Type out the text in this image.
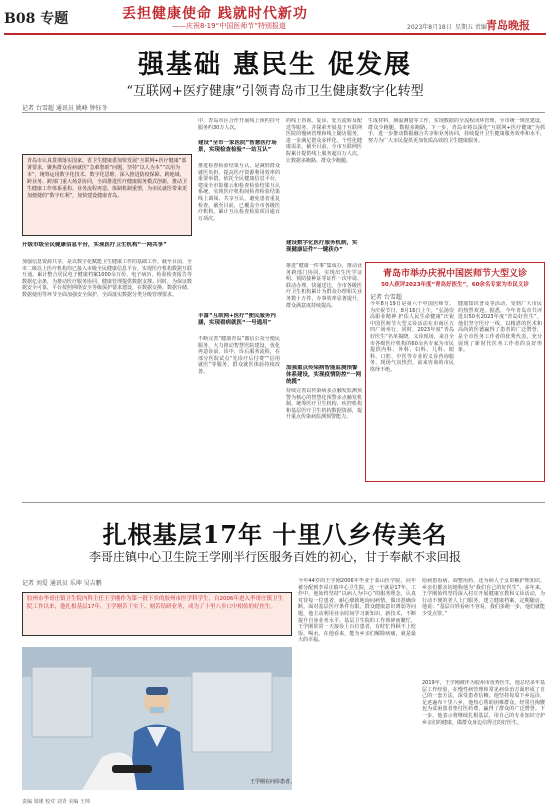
B08 专题	丢担健康使命 践就时代新功
——庆祝8·19“中国医师节”特别报道	2023年8月18日 星期五 责编 青岛晚报
强基础 惠民生 促发展
“互联网+医疗健康”引领青岛市卫生健康数字化转型
记者 台雪超 通讯员 姚峰 钟钰冬
青岛市认真贯彻落实国家、省卫生健康委加快发展“互联网+医疗健康”部署要求，聚焦群众看病就医“急难愁盼”问题，坚持“以人为本”“以用为本”，统筹运用数字化技术、数字化思维，深入推进防疫保障、跨地域、跨业务、跨部门重大场景协同，全面推进医疗健康服务模式创新，推动卫生健康工作体系重构、业务流程再造、体制机制重塑，为市民就医带来更加便捷的“数字红利”，加快建设健康青岛。
升级市级全民健康信息平台，实现医疗卫生机构“一网共享”
加强信息资源共享，是以数字化赋能卫生健康工作的基础工作。截至目前，全市二级以上医疗机构均已接入市级全民健康信息平台，实现医疗机构数据互联互通。累计整合居民电子健康档案1000余万份、电子病历、检验检查报告等数据亿余条，为推动医疗服务协同、健康管理提供数据支撑。同时，为保证数据安全可靠，平台按照网络安全等级保护要求建设，在数据交换、数据存储、数据使用等环节全面加强安全保护，全面落实数据分类分级管理要求。
中、青岛市区合作开展线上预约挂号服务约30万人次。
建设“全市一家医院”智慧医疗场景，实现检查检验“一站互认”
推进检查检验结果互认，是减轻群众就医负担、提高医疗资源利用效率的重要举措。依托全民健康信息平台，建成全市影像云和检查检验结果互认系统，实现医疗机构间检查检验结果线上调阅、共享互认，避免患者重复检查。截至目前，已覆盖全市各级医疗机构，累计互认检查检验项目逾百万项次。
丰富“互联网+医疗”便民服务内涵，实现看病就医“一号通用”
不断完善“健康青岛”微信公众号便民服务，大力推动智慧医院建设，优化再造诊前、诊中、诊后服务流程，在部分医院试点“先诊疗后付费”“信用就医”等服务，群众就医体验持续改善。
的线上咨询、复诊、处方流转及配送等服务，并探索开展基于互联网医院的慢病管理和线上随访服务，进一步满足群众多样化、个性化健康需求，截至目前，全市互联网医院累计提供线上服务超百万人次，让数据多跑路、群众少跑腿。
建设数字化医疗服务机制，实现健康证件“一键获办”
推进“健康一件事”集成办，推动业务跨部门协同，实现出生医学证明、预防接种证等证件一次申请、联动办理、快递送达，全市各级医疗卫生机构累计为群众办理相关业务数十万件，办事效率显著提升，群众满意度持续提高。
加强重点传染病智能监测预警体系建设，实现疫情防控“一网统揽”
持续完善以传染病多点触发监测预警为核心的智慧化预警多点触发机制，统筹医疗卫生机构、疾控机构和基层医疗卫生机构数据资源，提升重点传染病监测预警能力。
生成材料，测温测量等工作，实现数据的全流程闭环管理，全市统一规范建设，群众少跑腿，数据多跑路。下一步，青岛市将以深化“互联网+医疗健康”为抓手，进一步推动数据融合共享和业务协同，持续提升卫生健康服务效率和水平，努力为广大市民提供更加优质高效的卫生健康服务。
青岛市举办庆祝中国医师节大型义诊
50人获评2023年度“青岛好医生”，60余名专家为市民义诊
记者 台雪超
今年8月19日是第六个中国医师节。为庆祝节日，8月16日上午，“弘扬崇高职业精神 护佑人民生命健康”庆祝中国医师节大型义诊活动在市南区五四广场举行，同时，2023年度“青岛好医生”名单揭晓。义诊现场，来自全市各级医疗机构的60余名专家为市民提供内科、外科、妇科、儿科、眼科、口腔、中医等专业的义诊咨询服务，现场气氛热烈，前来咨询的市民络绎不绝。
健康知识普及等活动，受到广大市民的热烈欢迎。据悉，今年青岛市共评选出50名2023年度“青岛好医生”，他们坚守医疗一线，以精湛的医术和高尚的医德赢得了患者的广泛赞誉，是全市医务工作者的优秀代表，充分展现了新时代医务工作者的良好形象。
扎根基层17年 十里八乡传美名
李哥庄镇中心卫生院王学刚半行医服务百姓的初心，甘于奉献不求回报
记者 刘爱 通讯员 乐坤 吴吉鹏
胶州市李哥庄镇卫生院内科主任王学刚作为第一批下乡的胶州市医学科学生，自2006年进入李哥庄镇卫生院工作以来，他扎根基层17年，王学刚苦干实干、刻苦钻研业务，成为了十里八乡口中相传的好医生。
王学刚在问诊患者。
今年44岁的王学刚2006年毕业于泰山医学院，同年被分配到李哥庄镇中心卫生院，这一干就是17年。工作中，他始终坚持“以病人为中心”的服务理念，认真对待每一位患者，耐心细致地询问病情，做出准确诊断。面对基层医疗条件有限、群众健康意识薄弱等问题，他主动利用业余时间学习新知识、新技术，不断提升自身业务水平。基层卫生院的工作琐碎而繁忙，王学刚常常一天接诊上百位患者，有时忙得顾不上吃饭、喝水。在他看来，能为乡亲们解除病痛，就是最大的幸福。
给病患看病、调整用药、还为病人子女讲解护理知识。乡亲们都亲切地称他为“我们自己的好医生”。多年来，王学刚始终坚持深入村庄开展健康宣教和义诊活动，为行动不便的老人上门服务，建立健康档案，定期随访。他说：“基层百姓看病不容易，我们多跑一步，他们就能少受点罪。”
2019年，王学刚被评为胶州市优秀医生，他总结多年基层工作经验，在慢性病管理和常见病诊治方面形成了自己的一套方法，深受患者信赖。他坚持每周下乡巡诊，足迹遍布十里八乡，他热心帮助困难群众，经常自掏腰包为贫困患者垫付医药费，赢得了群众的广泛赞誉。下一步，他表示将继续扎根基层，用自己的专业知识守护乡亲们的健康，做群众身边信得过的好医生。
责编 梁瑾 校对 刘青 美编 王帅
